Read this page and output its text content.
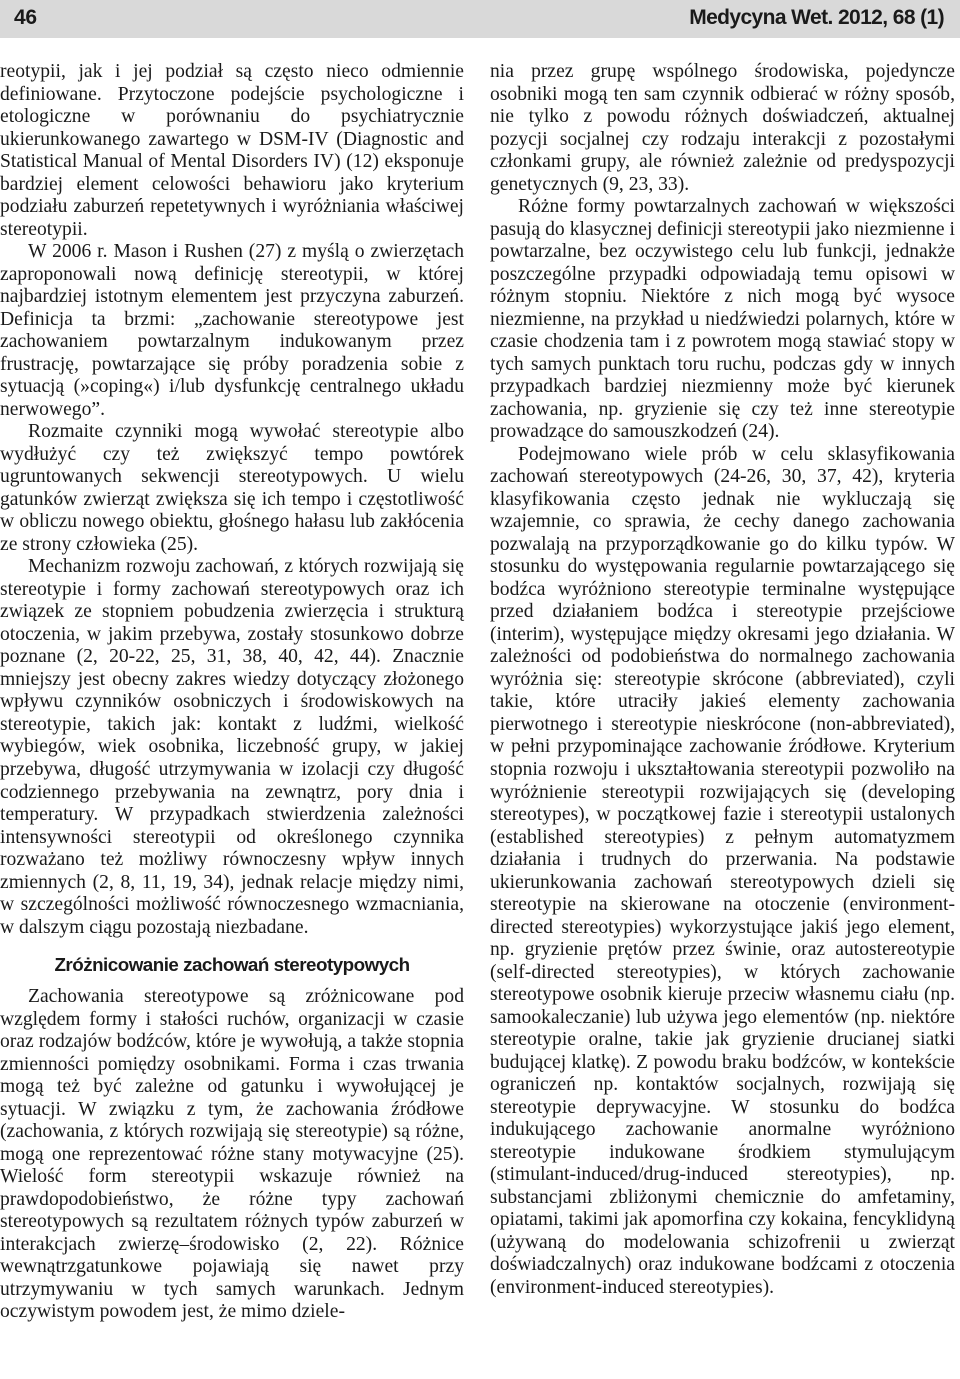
46	Medycyna Wet. 2012, 68 (1)

reotypii, jak i jej podział są często nieco odmiennie definiowane. Przytoczone podejście psychologiczne i etologiczne w porównaniu do psychiatrycznie ukierunkowanego zawartego w DSM-IV (Diagnostic and Statistical Manual of Mental Disorders IV) (12) eksponuje bardziej element celowości behawioru jako kryterium podziału zaburzeń repetetywnych i wyróżniania właściwej stereotypii.

W 2006 r. Mason i Rushen (27) z myślą o zwierzętach zaproponowali nową definicję stereotypii, w której najbardziej istotnym elementem jest przyczyna zaburzeń. Definicja ta brzmi: „zachowanie stereotypowe jest zachowaniem powtarzalnym indukowanym przez frustrację, powtarzające się próby poradzenia sobie z sytuacją (»coping«) i/lub dysfunkcję centralnego układu nerwowego”.

Rozmaite czynniki mogą wywołać stereotypie albo wydłużyć czy też zwiększyć tempo powtórek ugruntowanych sekwencji stereotypowych. U wielu gatunków zwierząt zwiększa się ich tempo i częstotliwość w obliczu nowego obiektu, głośnego hałasu lub zakłócenia ze strony człowieka (25).

Mechanizm rozwoju zachowań, z których rozwijają się stereotypie i formy zachowań stereotypowych oraz ich związek ze stopniem pobudzenia zwierzęcia i strukturą otoczenia, w jakim przebywa, zostały stosunkowo dobrze poznane (2, 20-22, 25, 31, 38, 40, 42, 44). Znacznie mniejszy jest obecny zakres wiedzy dotyczący złożonego wpływu czynników osobniczych i środowiskowych na stereotypie, takich jak: kontakt z ludźmi, wielkość wybiegów, wiek osobnika, liczebność grupy, w jakiej przebywa, długość utrzymywania w izolacji czy długość codziennego przebywania na zewnątrz, pory dnia i temperatury. W przypadkach stwierdzenia zależności intensywności stereotypii od określonego czynnika rozważano też możliwy równoczesny wpływ innych zmiennych (2, 8, 11, 19, 34), jednak relacje między nimi, w szczególności możliwość równoczesnego wzmacniania, w dalszym ciągu pozostają niezbadane.

Zróżnicowanie zachowań stereotypowych

Zachowania stereotypowe są zróżnicowane pod względem formy i stałości ruchów, organizacji w czasie oraz rodzajów bodźców, które je wywołują, a także stopnia zmienności pomiędzy osobnikami. Forma i czas trwania mogą też być zależne od gatunku i wywołującej je sytuacji. W związku z tym, że zachowania źródłowe (zachowania, z których rozwijają się stereotypie) są różne, mogą one reprezentować różne stany motywacyjne (25). Wielość form stereotypii wskazuje również na prawdopodobieństwo, że różne typy zachowań stereotypowych są rezultatem różnych typów zaburzeń w interakcjach zwierzę–środowisko (2, 22). Różnice wewnątrzgatunkowe pojawiają się nawet przy utrzymywaniu w tych samych warunkach. Jednym oczywistym powodem jest, że mimo dziele-

nia przez grupę wspólnego środowiska, pojedyncze osobniki mogą ten sam czynnik odbierać w różny sposób, nie tylko z powodu różnych doświadczeń, aktualnej pozycji socjalnej czy rodzaju interakcji z pozostałymi członkami grupy, ale również zależnie od predyspozycji genetycznych (9, 23, 33).

Różne formy powtarzalnych zachowań w większości pasują do klasycznej definicji stereotypii jako niezmienne i powtarzalne, bez oczywistego celu lub funkcji, jednakże poszczególne przypadki odpowiadają temu opisowi w różnym stopniu. Niektóre z nich mogą być wysoce niezmienne, na przykład u niedźwiedzi polarnych, które w czasie chodzenia tam i z powrotem mogą stawiać stopy w tych samych punktach toru ruchu, podczas gdy w innych przypadkach bardziej niezmienny może być kierunek zachowania, np. gryzienie się czy też inne stereotypie prowadzące do samouszkodzeń (24).

Podejmowano wiele prób w celu sklasyfikowania zachowań stereotypowych (24-26, 30, 37, 42), kryteria klasyfikowania często jednak nie wykluczają się wzajemnie, co sprawia, że cechy danego zachowania pozwalają na przyporządkowanie go do kilku typów. W stosunku do występowania regularnie powtarzającego się bodźca wyróżniono stereotypie terminalne występujące przed działaniem bodźca i stereotypie przejściowe (interim), występujące między okresami jego działania. W zależności od podobieństwa do normalnego zachowania wyróżnia się: stereotypie skrócone (abbreviated), czyli takie, które utraciły jakieś elementy zachowania pierwotnego i stereotypie nieskrócone (non-abbreviated), w pełni przypominające zachowanie źródłowe. Kryterium stopnia rozwoju i ukształtowania stereotypii pozwoliło na wyróżnienie stereotypii rozwijających się (developing stereotypes), w początkowej fazie i stereotypii ustalonych (established stereotypies) z pełnym automatyzmem działania i trudnych do przerwania. Na podstawie ukierunkowania zachowań stereotypowych dzieli się stereotypie na skierowane na otoczenie (environment-directed stereotypies) wykorzystujące jakiś jego element, np. gryzienie prętów przez świnie, oraz autostereotypie (self-directed stereotypies), w których zachowanie stereotypowe osobnik kieruje przeciw własnemu ciału (np. samookaleczanie) lub używa jego elementów (np. niektóre stereotypie oralne, takie jak gryzienie drucianej siatki budującej klatkę). Z powodu braku bodźców, w kontekście ograniczeń np. kontaktów socjalnych, rozwijają się stereotypie deprywacyjne. W stosunku do bodźca indukującego zachowanie anormalne wyróżniono stereotypie indukowane środkiem stymulującym (stimulant-induced/drug-induced stereotypies), np. substancjami zbliżonymi chemicznie do amfetaminy, opiatami, takimi jak apomorfina czy kokaina, fencyklidyną (używaną do modelowania schizofrenii u zwierząt doświadczalnych) oraz indukowane bodźcami z otoczenia (environment-induced stereotypies).
